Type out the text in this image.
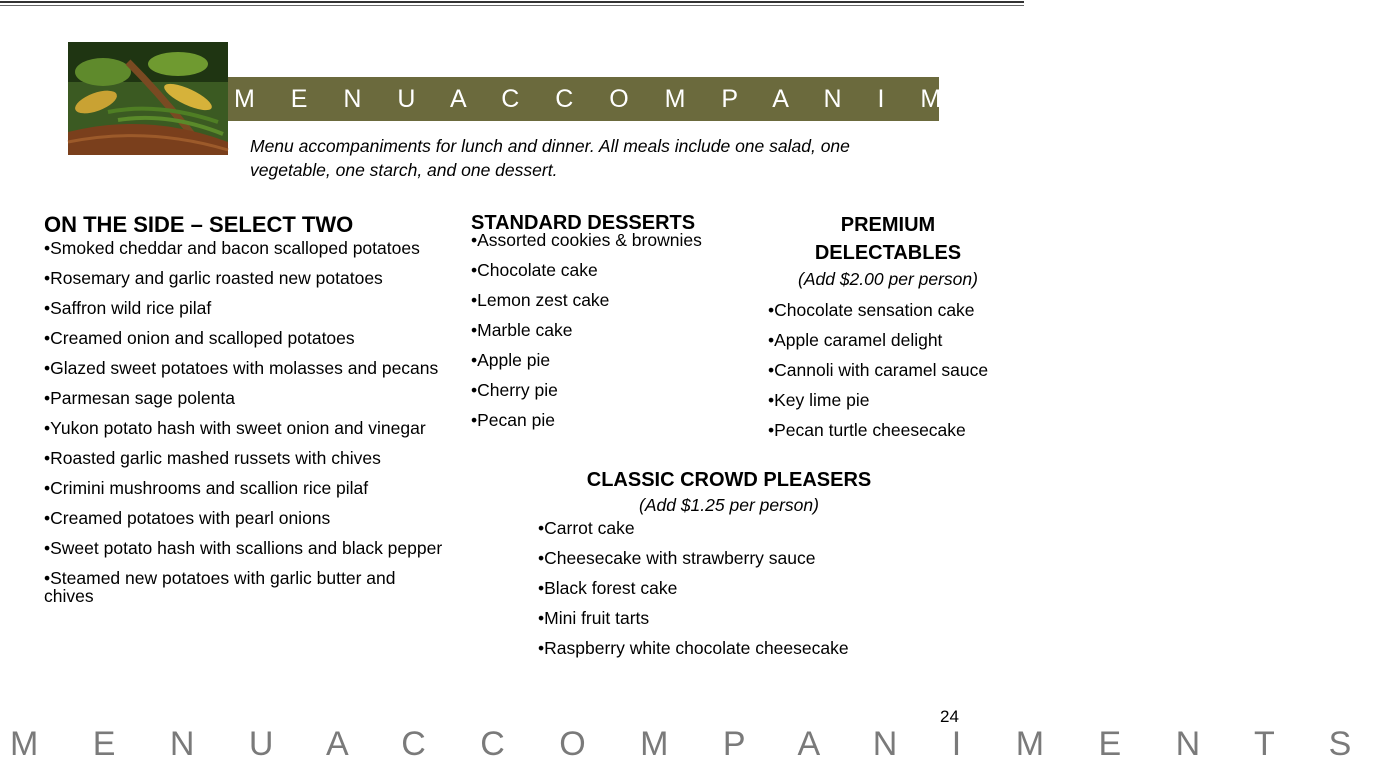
M E N U A C C O M P A N I M E N T S
Menu accompaniments for lunch and dinner. All meals include one salad, one vegetable, one starch, and one dessert.
ON THE SIDE – SELECT TWO
•Smoked cheddar and bacon scalloped potatoes
•Rosemary and garlic roasted new potatoes
•Saffron wild rice pilaf
•Creamed onion and scalloped potatoes
•Glazed sweet potatoes with molasses and pecans
•Parmesan sage polenta
•Yukon potato hash with sweet onion and vinegar
•Roasted garlic mashed russets with chives
•Crimini mushrooms and scallion rice pilaf
•Creamed potatoes with pearl onions
•Sweet potato hash with scallions and black pepper
•Steamed new potatoes with garlic butter and chives
STANDARD DESSERTS
•Assorted cookies & brownies
•Chocolate cake
•Lemon zest cake
•Marble cake
•Apple pie
•Cherry pie
•Pecan pie
PREMIUM
DELECTABLES
(Add $2.00 per person)
•Chocolate sensation cake
•Apple caramel delight
•Cannoli with caramel sauce
•Key lime pie
•Pecan turtle cheesecake
CLASSIC CROWD PLEASERS
(Add $1.25 per person)
•Carrot cake
•Cheesecake with strawberry sauce
•Black forest cake
•Mini fruit tarts
•Raspberry white chocolate cheesecake
24
M E N U A C C O M P A N I M E N T S
